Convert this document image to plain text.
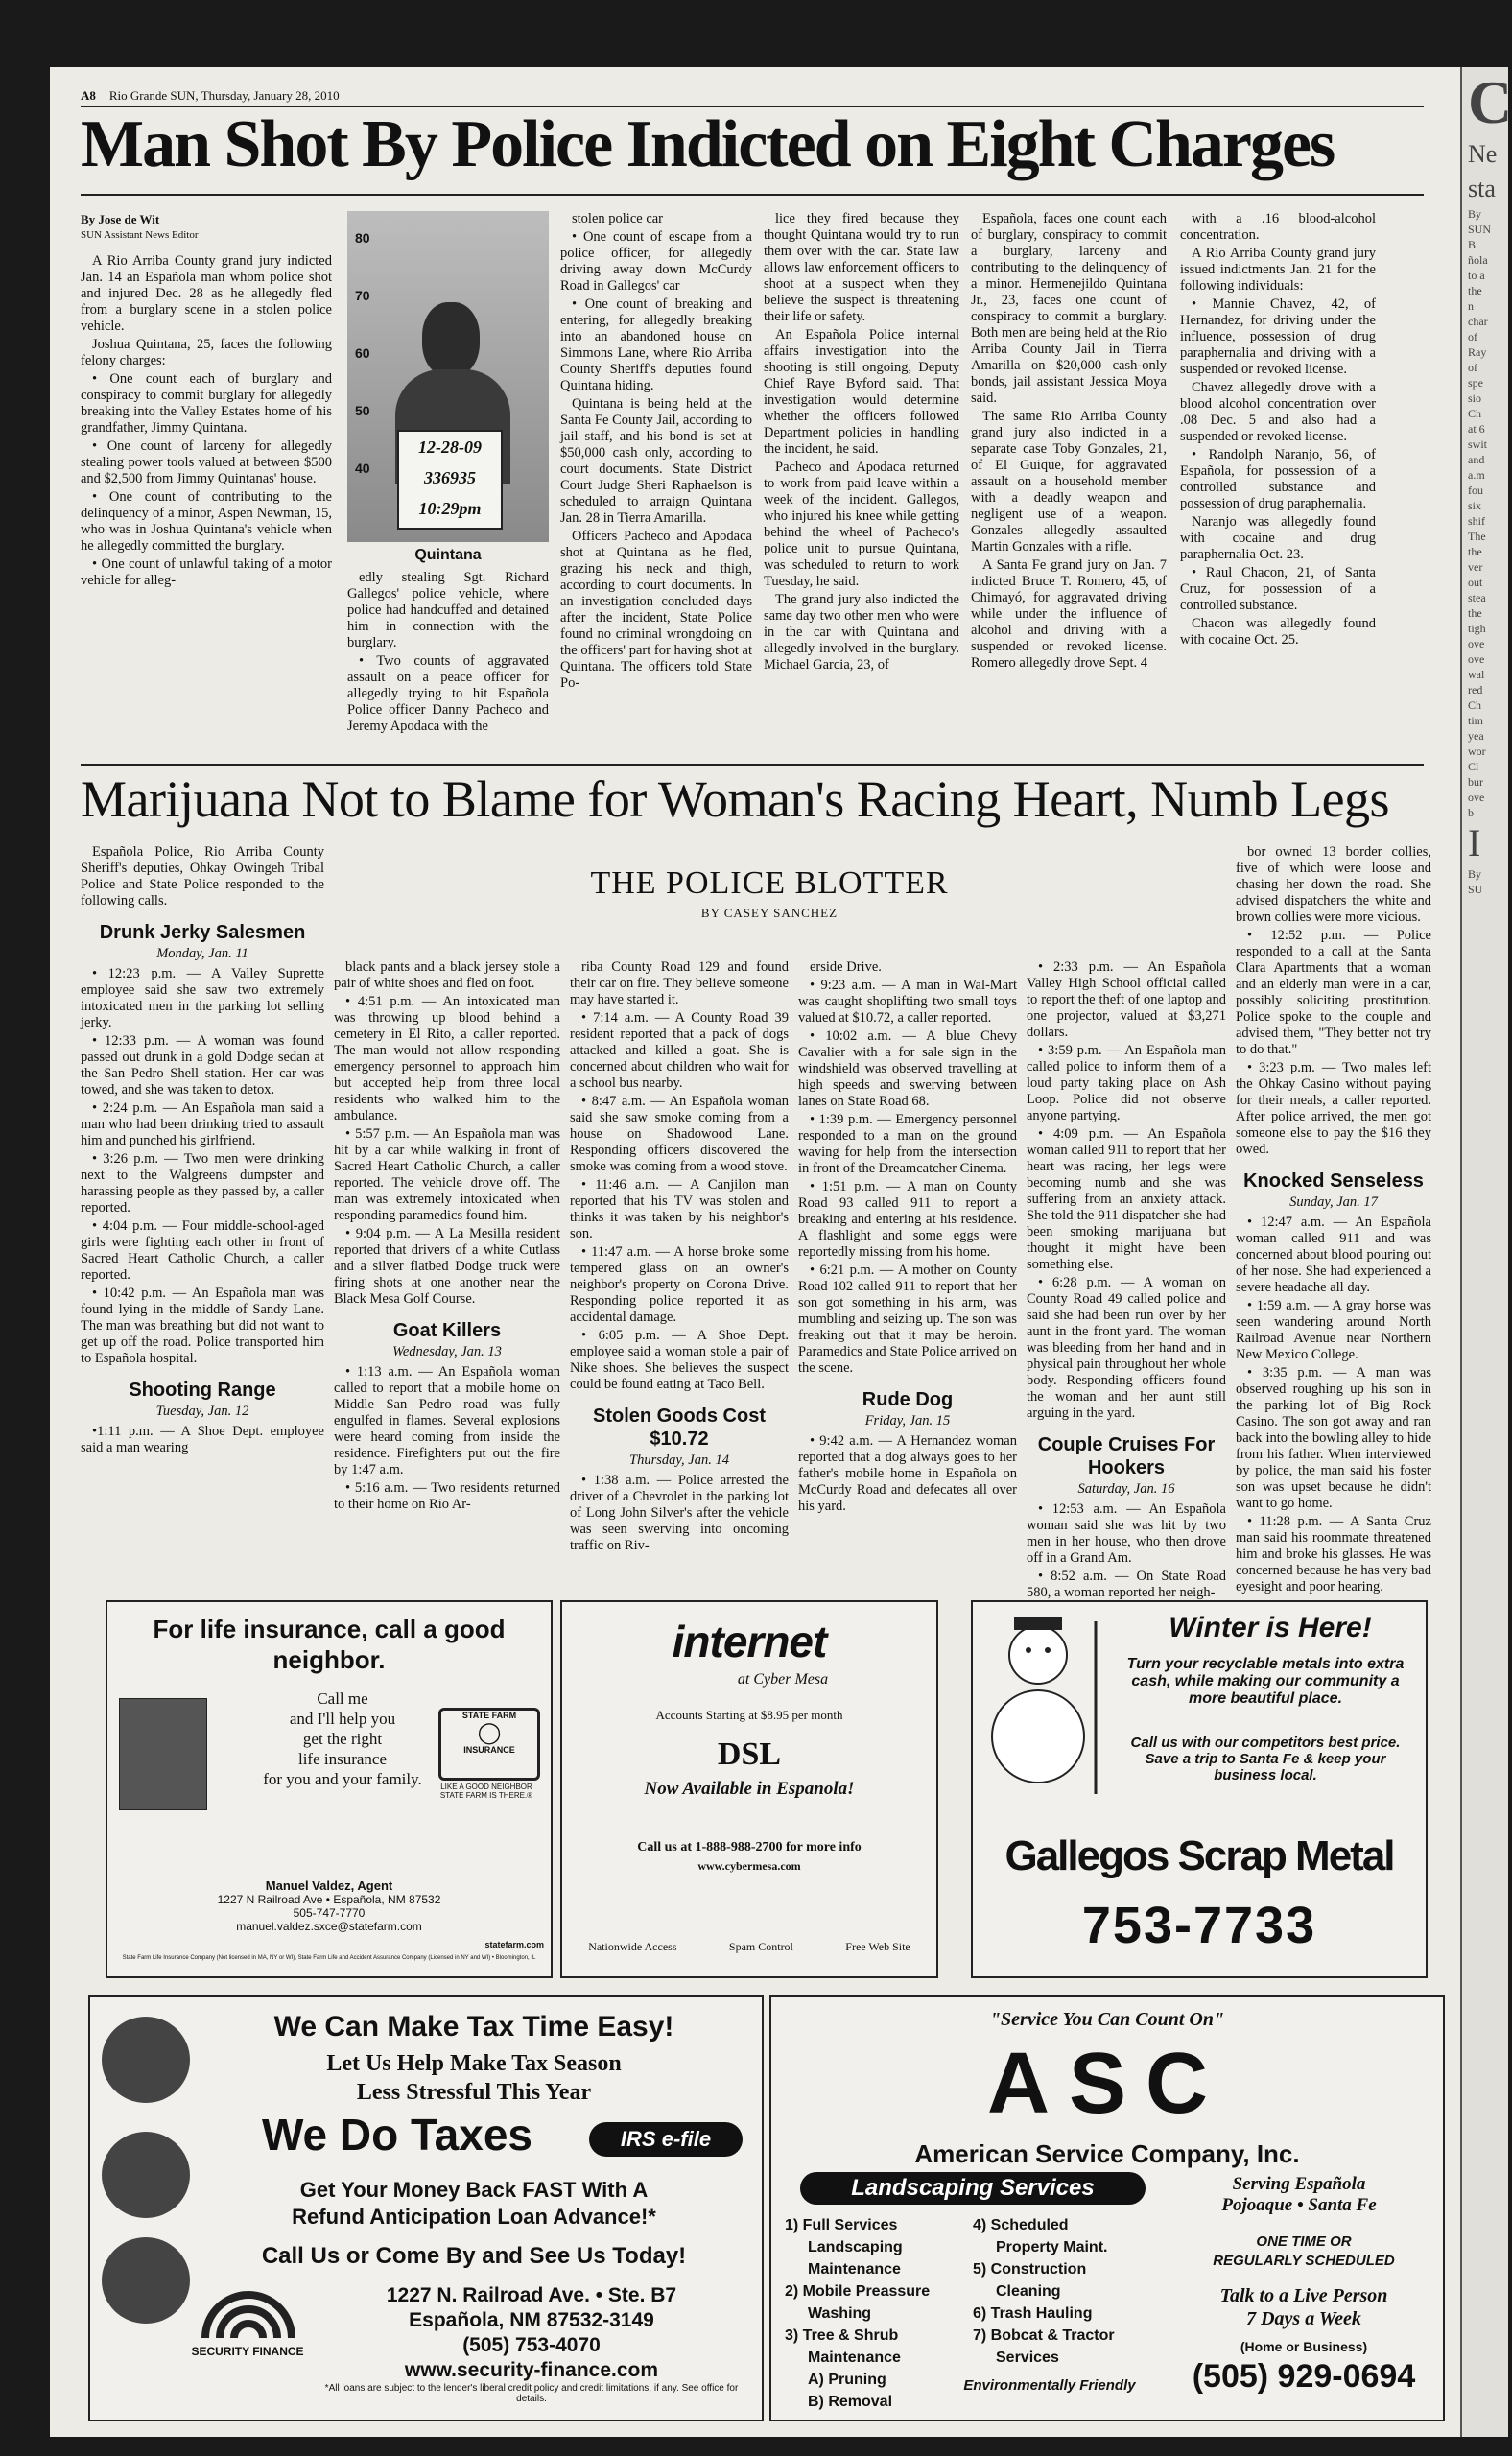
A8 Rio Grande SUN, Thursday, January 28, 2010
Man Shot By Police Indicted on Eight Charges
By Jose de Wit
SUN Assistant News Editor

A Rio Arriba County grand jury indicted Jan. 14 an Española man whom police shot and injured Dec. 28 as he allegedly fled from a burglary scene in a stolen police vehicle.

Joshua Quintana, 25, faces the following felony charges:

• One count each of burglary and conspiracy to commit burglary for allegedly breaking into the Valley Estates home of his grandfather, Jimmy Quintana.

• One count of larceny for allegedly stealing power tools valued at between $500 and $2,500 from Jimmy Quintanas' house.

• One count of contributing to the delinquency of a minor, Aspen Newman, 15, who was in Joshua Quintana's vehicle when he allegedly committed the burglary.

• One count of unlawful taking of a motor vehicle for alleg-

80
70
60
50
40
12-28-09
336935
10:29pm
Quintana

edly stealing Sgt. Richard Gallegos' police vehicle, where police had handcuffed and detained him in connection with the burglary.

• Two counts of aggravated assault on a peace officer for allegedly trying to hit Española Police officer Danny Pacheco and Jeremy Apodaca with the

stolen police car

• One count of escape from a police officer, for allegedly driving away down McCurdy Road in Gallegos' car

• One count of breaking and entering, for allegedly breaking into an abandoned house on Simmons Lane, where Rio Arriba County Sheriff's deputies found Quintana hiding.

Quintana is being held at the Santa Fe County Jail, according to jail staff, and his bond is set at $50,000 cash only, according to court documents. State District Court Judge Sheri Raphaelson is scheduled to arraign Quintana Jan. 28 in Tierra Amarilla.

Officers Pacheco and Apodaca shot at Quintana as he fled, grazing his neck and thigh, according to court documents. In an investigation concluded days after the incident, State Police found no criminal wrongdoing on the officers' part for having shot at Quintana. The officers told State Po-

lice they fired because they thought Quintana would try to run them over with the car. State law allows law enforcement officers to shoot at a suspect when they believe the suspect is threatening their life or safety.

An Española Police internal affairs investigation into the shooting is still ongoing, Deputy Chief Raye Byford said. That investigation would determine whether the officers followed Department policies in handling the incident, he said.

Pacheco and Apodaca returned to work from paid leave within a week of the incident. Gallegos, who injured his knee while getting behind the wheel of Pacheco's police unit to pursue Quintana, was scheduled to return to work Tuesday, he said.

The grand jury also indicted the same day two other men who were in the car with Quintana and allegedly involved in the burglary. Michael Garcia, 23, of

Española, faces one count each of burglary, conspiracy to commit a burglary, larceny and contributing to the delinquency of a minor. Hermenejildo Quintana Jr., 23, faces one count of conspiracy to commit a burglary. Both men are being held at the Rio Arriba County Jail in Tierra Amarilla on $20,000 cash-only bonds, jail assistant Jessica Moya said.

The same Rio Arriba County grand jury also indicted in a separate case Toby Gonzales, 21, of El Guique, for aggravated assault on a household member with a deadly weapon and negligent use of a weapon. Gonzales allegedly assaulted Martin Gonzales with a rifle.

A Santa Fe grand jury on Jan. 7 indicted Bruce T. Romero, 45, of Chimayó, for aggravated driving while under the influence of alcohol and driving with a suspended or revoked license. Romero allegedly drove Sept. 4

with a .16 blood-alcohol concentration.

A Rio Arriba County grand jury issued indictments Jan. 21 for the following individuals:

• Mannie Chavez, 42, of Hernandez, for driving under the influence, possession of drug paraphernalia and driving with a suspended or revoked license.

Chavez allegedly drove with a blood alcohol concentration over .08 Dec. 5 and also had a suspended or revoked license.

• Randolph Naranjo, 56, of Española, for possession of a controlled substance and possession of drug paraphernalia.

Naranjo was allegedly found with cocaine and drug paraphernalia Oct. 23.

• Raul Chacon, 21, of Santa Cruz, for possession of a controlled substance.

Chacon was allegedly found with cocaine Oct. 25.

Marijuana Not to Blame for Woman's Racing Heart, Numb Legs
THE POLICE BLOTTER
BY CASEY SANCHEZ

Española Police, Rio Arriba County Sheriff's deputies, Ohkay Owingeh Tribal Police and State Police responded to the following calls.

Drunk Jerky Salesmen
Monday, Jan. 11

• 12:23 p.m. — A Valley Suprette employee said she saw two extremely intoxicated men in the parking lot selling jerky.

• 12:33 p.m. — A woman was found passed out drunk in a gold Dodge sedan at the San Pedro Shell station. Her car was towed, and she was taken to detox.

• 2:24 p.m. — An Española man said a man who had been drinking tried to assault him and punched his girlfriend.

• 3:26 p.m. — Two men were drinking next to the Walgreens dumpster and harassing people as they passed by, a caller reported.

• 4:04 p.m. — Four middle-school-aged girls were fighting each other in front of Sacred Heart Catholic Church, a caller reported.

• 10:42 p.m. — An Española man was found lying in the middle of Sandy Lane. The man was breathing but did not want to get up off the road. Police transported him to Española hospital.

Shooting Range
Tuesday, Jan. 12

•1:11 p.m. — A Shoe Dept. employee said a man wearing

black pants and a black jersey stole a pair of white shoes and fled on foot.

• 4:51 p.m. — An intoxicated man was throwing up blood behind a cemetery in El Rito, a caller reported. The man would not allow responding emergency personnel to approach him but accepted help from three local residents who walked him to the ambulance.

• 5:57 p.m. — An Española man was hit by a car while walking in front of Sacred Heart Catholic Church, a caller reported. The vehicle drove off. The man was extremely intoxicated when responding paramedics found him.

• 9:04 p.m. — A La Mesilla resident reported that drivers of a white Cutlass and a silver flatbed Dodge truck were firing shots at one another near the Black Mesa Golf Course.

Goat Killers
Wednesday, Jan. 13

• 1:13 a.m. — An Española woman called to report that a mobile home on Middle San Pedro road was fully engulfed in flames. Several explosions were heard coming from inside the residence. Firefighters put out the fire by 1:47 a.m.

• 5:16 a.m. — Two residents returned to their home on Rio Ar-

riba County Road 129 and found their car on fire. They believe someone may have started it.

• 7:14 a.m. — A County Road 39 resident reported that a pack of dogs attacked and killed a goat. She is concerned about children who wait for a school bus nearby.

• 8:47 a.m. — An Española woman said she saw smoke coming from a house on Shadowood Lane. Responding officers discovered the smoke was coming from a wood stove.

• 11:46 a.m. — A Canjilon man reported that his TV was stolen and thinks it was taken by his neighbor's son.

• 11:47 a.m. — A horse broke some tempered glass on an owner's neighbor's property on Corona Drive. Responding police reported it as accidental damage.

• 6:05 p.m. — A Shoe Dept. employee said a woman stole a pair of Nike shoes. She believes the suspect could be found eating at Taco Bell.

Stolen Goods Cost $10.72
Thursday, Jan. 14

• 1:38 a.m. — Police arrested the driver of a Chevrolet in the parking lot of Long John Silver's after the vehicle was seen swerving into oncoming traffic on Riv-

erside Drive.

• 9:23 a.m. — A man in Wal-Mart was caught shoplifting two small toys valued at $10.72, a caller reported.

• 10:02 a.m. — A blue Chevy Cavalier with a for sale sign in the windshield was observed travelling at high speeds and swerving between lanes on State Road 68.

• 1:39 p.m. — Emergency personnel responded to a man on the ground waving for help from the intersection in front of the Dreamcatcher Cinema.

• 1:51 p.m. — A man on County Road 93 called 911 to report a breaking and entering at his residence. A flashlight and some eggs were reportedly missing from his home.

• 6:21 p.m. — A mother on County Road 102 called 911 to report that her son got something in his arm, was mumbling and seizing up. The son was freaking out that it may be heroin. Paramedics and State Police arrived on the scene.

Rude Dog
Friday, Jan. 15

• 9:42 a.m. — A Hernandez woman reported that a dog always goes to her father's mobile home in Española on McCurdy Road and defecates all over his yard.

• 2:33 p.m. — An Española Valley High School official called to report the theft of one laptop and one projector, valued at $3,271 dollars.

• 3:59 p.m. — An Española man called police to inform them of a loud party taking place on Ash Loop. Police did not observe anyone partying.

• 4:09 p.m. — An Española woman called 911 to report that her heart was racing, her legs were becoming numb and she was suffering from an anxiety attack. She told the 911 dispatcher she had been smoking marijuana but thought it might have been something else.

• 6:28 p.m. — A woman on County Road 49 called police and said she had been run over by her aunt in the front yard. The woman was bleeding from her hand and in physical pain throughout her whole body. Responding officers found the woman and her aunt still arguing in the yard.

Couple Cruises For Hookers
Saturday, Jan. 16

• 12:53 a.m. — An Española woman said she was hit by two men in her house, who then drove off in a Grand Am.

• 8:52 a.m. — On State Road 580, a woman reported her neigh-

bor owned 13 border collies, five of which were loose and chasing her down the road. She advised dispatchers the white and brown collies were more vicious.

• 12:52 p.m. — Police responded to a call at the Santa Clara Apartments that a woman and an elderly man were in a car, possibly soliciting prostitution. Police spoke to the couple and advised them, "They better not try to do that."

• 3:23 p.m. — Two males left the Ohkay Casino without paying for their meals, a caller reported. After police arrived, the men got someone else to pay the $16 they owed.

Knocked Senseless
Sunday, Jan. 17

• 12:47 a.m. — An Española woman called 911 and was concerned about blood pouring out of her nose. She had experienced a severe headache all day.

• 1:59 a.m. — A gray horse was seen wandering around North Railroad Avenue near Northern New Mexico College.

• 3:35 p.m. — A man was observed roughing up his son in the parking lot of Big Rock Casino. The son got away and ran back into the bowling alley to hide from his father. When interviewed by police, the man said his foster son was upset because he didn't want to go home.

• 11:28 p.m. — A Santa Cruz man said his roommate threatened him and broke his glasses. He was concerned because he has very bad eyesight and poor hearing.

For life insurance, call a good neighbor.
Call me
and I'll help you
get the right
life insurance
for you and your family.
STATE FARM
◯
INSURANCE
LIKE A GOOD NEIGHBOR STATE FARM IS THERE.®
Manuel Valdez, Agent
1227 N Railroad Ave • Española, NM 87532
505-747-7770
manuel.valdez.sxce@statefarm.com
statefarm.com
State Farm Life Insurance Company (Not licensed in MA, NY or WI), State Farm Life and Accident Assurance Company (Licensed in NY and WI) • Bloomington, IL
internet
at Cyber Mesa
Accounts Starting at $8.95 per month
DSL
Now Available in Espanola!
Call us at 1-888-988-2700 for more info
www.cybermesa.com
Nationwide Access	Spam Control	Free Web Site
Winter is Here!
Turn your recyclable metals into extra cash, while making our community a more beautiful place.
Call us with our competitors best price. Save a trip to Santa Fe & keep your business local.
Gallegos Scrap Metal
753-7733
We Can Make Tax Time Easy!
Let Us Help Make Tax Season
Less Stressful This Year
We Do Taxes	IRS e-file
Get Your Money Back FAST With A
Refund Anticipation Loan Advance!*
Call Us or Come By and See Us Today!
SECURITY FINANCE
1227 N. Railroad Ave. • Ste. B7
Española, NM 87532-3149
(505) 753-4070
www.security-finance.com
*All loans are subject to the lender's liberal credit policy and credit limitations, if any. See office for details.
"Service You Can Count On"
ASC
American Service Company, Inc.
Landscaping Services	Serving Española
Pojoaque • Santa Fe
1) Full Services
Landscaping
Maintenance
2) Mobile Preassure
Washing
3) Tree & Shrub
Maintenance
A) Pruning
B) Removal
4) Scheduled
Property Maint.
5) Construction
Cleaning
6) Trash Hauling
7) Bobcat & Tractor
Services
Environmentally Friendly
ONE TIME OR
REGULARLY SCHEDULED
Talk to a Live Person
7 Days a Week
(Home or Business)
(505) 929-0694
C
Ne
sta
By
SUN
B
ñola
to a
the
n
char
of
Ray
of
spe
sio
Ch
at 6
swit
and
a.m
fou
six
shif
The
the
ver
out
stea
the
tigh
ove
ove
wal
red
Ch
tim
yea
wor
Cl
bur
ove
b
I
By
SU
